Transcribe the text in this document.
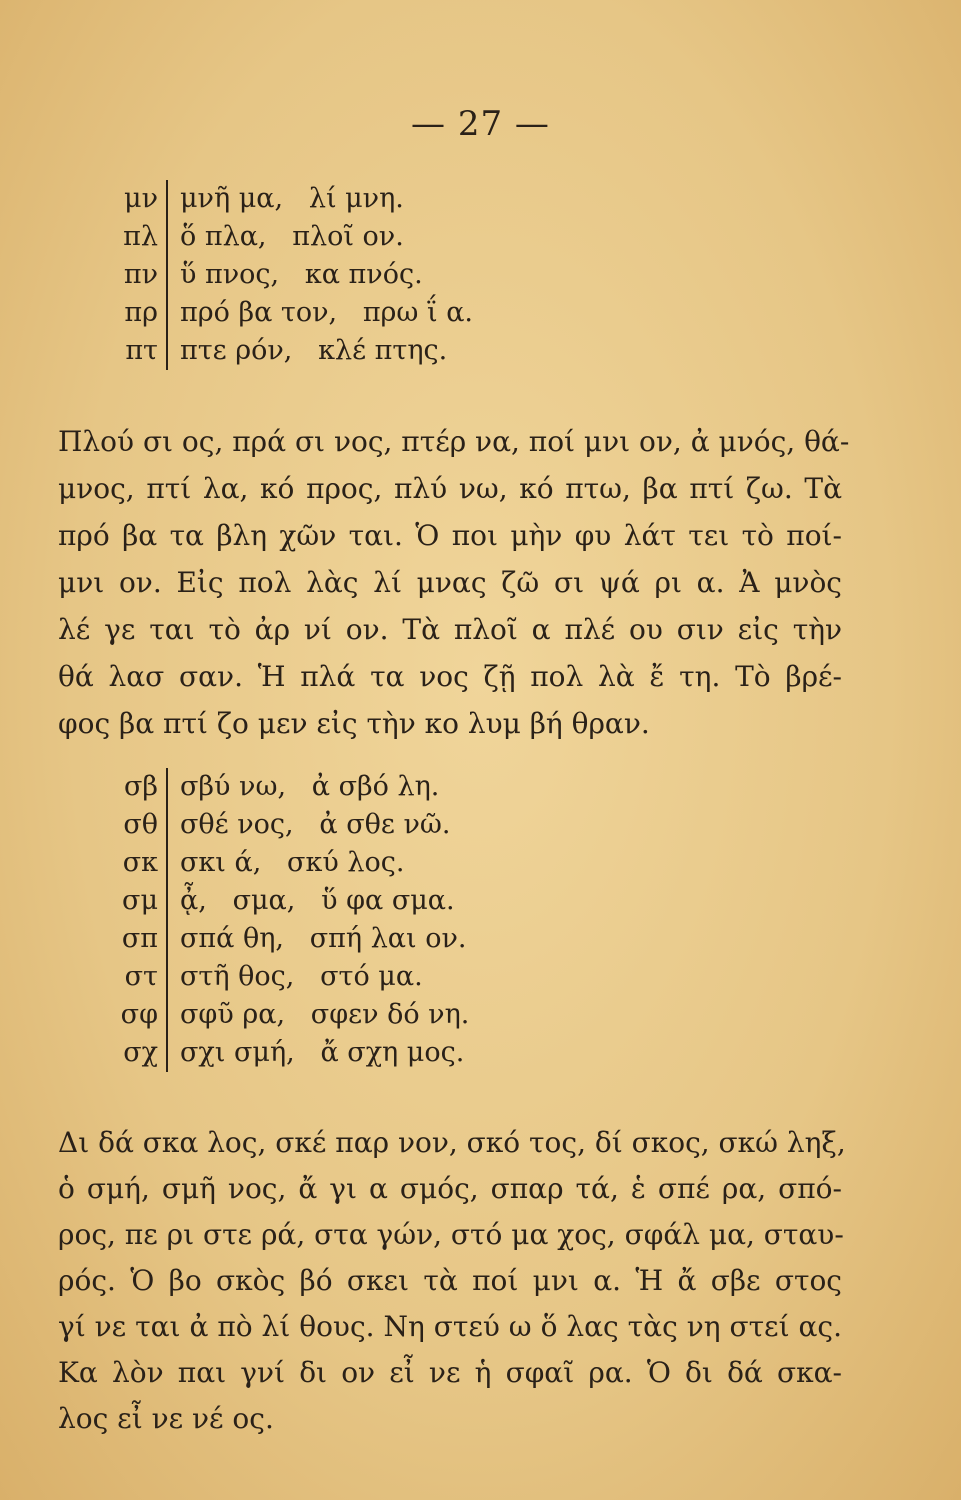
— 27 —
μν μνῆ μα,   λί μνη.
πλ ὅ πλα,   πλοῖ ον.
πν ὕ πνος,   κα πνός.
πρ πρό βα τον,   πρω ΐ α.
πτ πτε ρόν,   κλέ πτης.
Πλού σι ος, πρά σι νος, πτέρ να, ποί μνι ον, ἀ μνός, θά-
μνος, πτί λα, κό προς, πλύ νω, κό πτω, βα πτί ζω. Τὰ
πρό βα τα βλη χῶν ται. Ὁ ποι μὴν φυ λάτ τει τὸ ποί-
μνι ον. Εἰς πολ λὰς λί μνας ζῶ σι ψά ρι α. Ἀ μνὸς
λέ γε ται τὸ ἀρ νί ον. Τὰ πλοῖ α πλέ ου σιν εἰς τὴν
θά λασ σαν. Ἡ πλά τα νος ζῇ πολ λὰ ἔ τη. Τὸ βρέ-
φος βα πτί ζο μεν εἰς τὴν κο λυμ βή θραν.
σβ σβύ νω,   ἀ σβό λη.
σθ σθέ νος,   ἀ σθε νῶ.
σκ σκι ά,   σκύ λος.
σμ ᾆ,   σμα,   ὕ φα σμα.
σπ σπά θη,   σπή λαι ον.
στ στῆ θος,   στό μα.
σφ σφῦ ρα,   σφεν δό νη.
σχ σχι σμή,   ἄ σχη μος.
Δι δά σκα λος, σκέ παρ νον, σκό τος, δί σκος, σκώ ληξ,
ὁ σμή, σμῆ νος, ἄ γι α σμός, σπαρ τά, ἑ σπέ ρα, σπό-
ρος, πε ρι στε ρά, στα γών, στό μα χος, σφάλ μα, σταυ-
ρός. Ὁ βο σκὸς βό σκει τὰ ποί μνι α. Ἡ ἄ σβε στος
γί νε ται ἀ πὸ λί θους. Νη στεύ ω ὅ λας τὰς νη στεί ας.
Κα λὸν παι γνί δι ον εἶ νε ἡ σφαῖ ρα. Ὁ δι δά σκα-
λος εἶ νε νέ ος.
